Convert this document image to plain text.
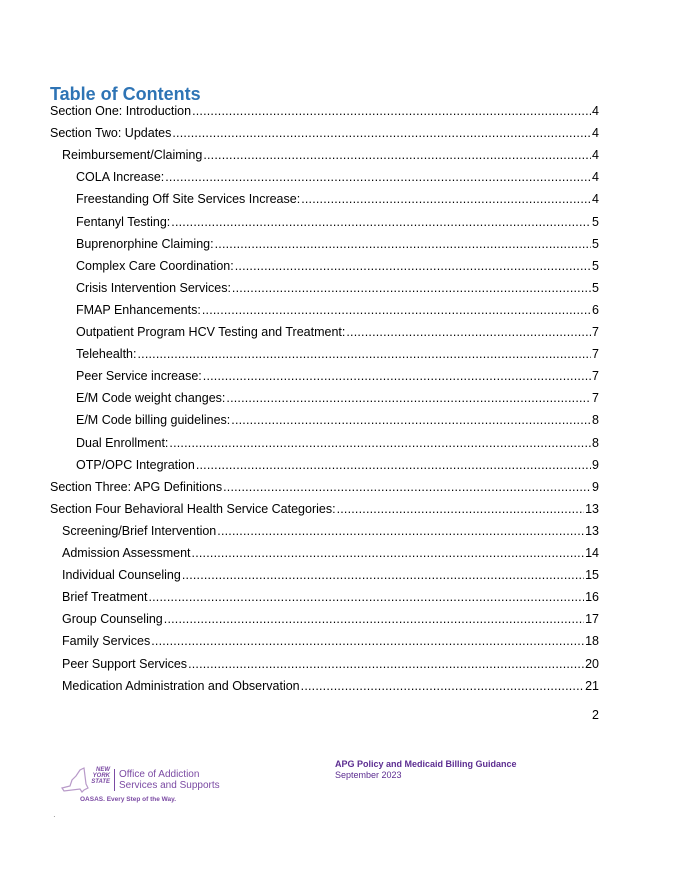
Table of Contents
Section One: Introduction .....	4
Section Two: Updates .....	4
Reimbursement/Claiming .....	4
COLA Increase: .....	4
Freestanding Off Site Services Increase: .....	4
Fentanyl Testing: .....	5
Buprenorphine Claiming: .....	5
Complex Care Coordination: .....	5
Crisis Intervention Services: .....	5
FMAP Enhancements: .....	6
Outpatient Program HCV Testing and Treatment: .....	7
Telehealth: .....	7
Peer Service increase: .....	7
E/M Code weight changes: .....	7
E/M Code billing guidelines: .....	8
Dual Enrollment: .....	8
OTP/OPC Integration .....	9
Section Three: APG Definitions .....	9
Section Four Behavioral Health Service Categories: .....	13
Screening/Brief Intervention .....	13
Admission Assessment .....	14
Individual Counseling .....	15
Brief Treatment .....	16
Group Counseling .....	17
Family Services .....	18
Peer Support Services .....	20
Medication Administration and Observation .....	21
2
NEW
YORK
STATE
Office of Addiction
Services and Supports
OASAS. Every Step of the Way.
APG Policy and Medicaid Billing Guidance
September 2023
·
